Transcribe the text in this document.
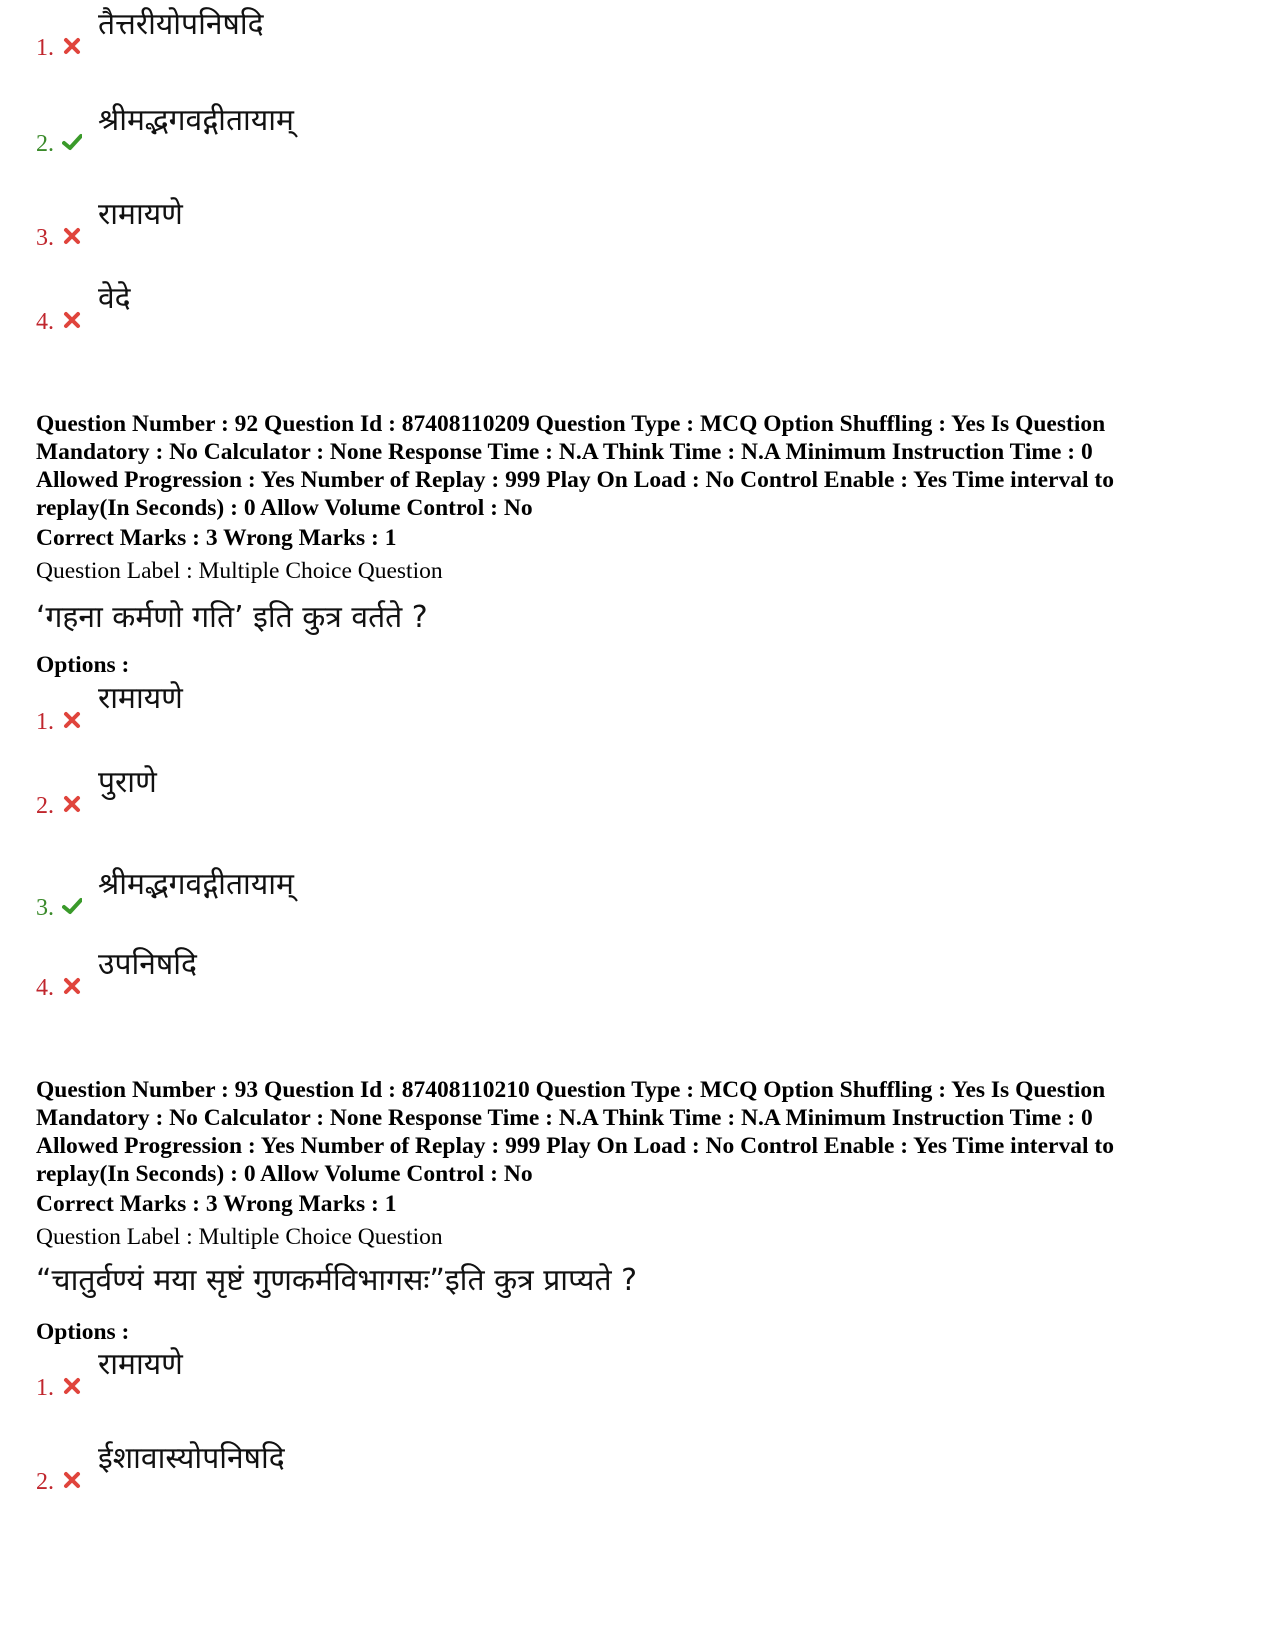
1.
तैत्तरीयोपनिषदि
2.
श्रीमद्भगवद्गीतायाम्
3.
रामायणे
4.
वेदे
Question Number : 92 Question Id : 87408110209 Question Type : MCQ Option Shuffling : Yes Is Question
Mandatory : No Calculator : None Response Time : N.A Think Time : N.A Minimum Instruction Time : 0
Allowed Progression : Yes Number of Replay : 999 Play On Load : No Control Enable : Yes Time interval to
replay(In Seconds) : 0 Allow Volume Control : No
Correct Marks : 3 Wrong Marks : 1
Question Label : Multiple Choice Question
‘गहना कर्मणो गति’ इति कुत्र वर्तते ?
Options :
1.
रामायणे
2.
पुराणे
3.
श्रीमद्भगवद्गीतायाम्
4.
उपनिषदि
Question Number : 93 Question Id : 87408110210 Question Type : MCQ Option Shuffling : Yes Is Question
Mandatory : No Calculator : None Response Time : N.A Think Time : N.A Minimum Instruction Time : 0
Allowed Progression : Yes Number of Replay : 999 Play On Load : No Control Enable : Yes Time interval to
replay(In Seconds) : 0 Allow Volume Control : No
Correct Marks : 3 Wrong Marks : 1
Question Label : Multiple Choice Question
“चातुर्वण्यं मया सृष्टं गुणकर्मविभागसः”इति कुत्र प्राप्यते ?
Options :
1.
रामायणे
2.
ईशावास्योपनिषदि
